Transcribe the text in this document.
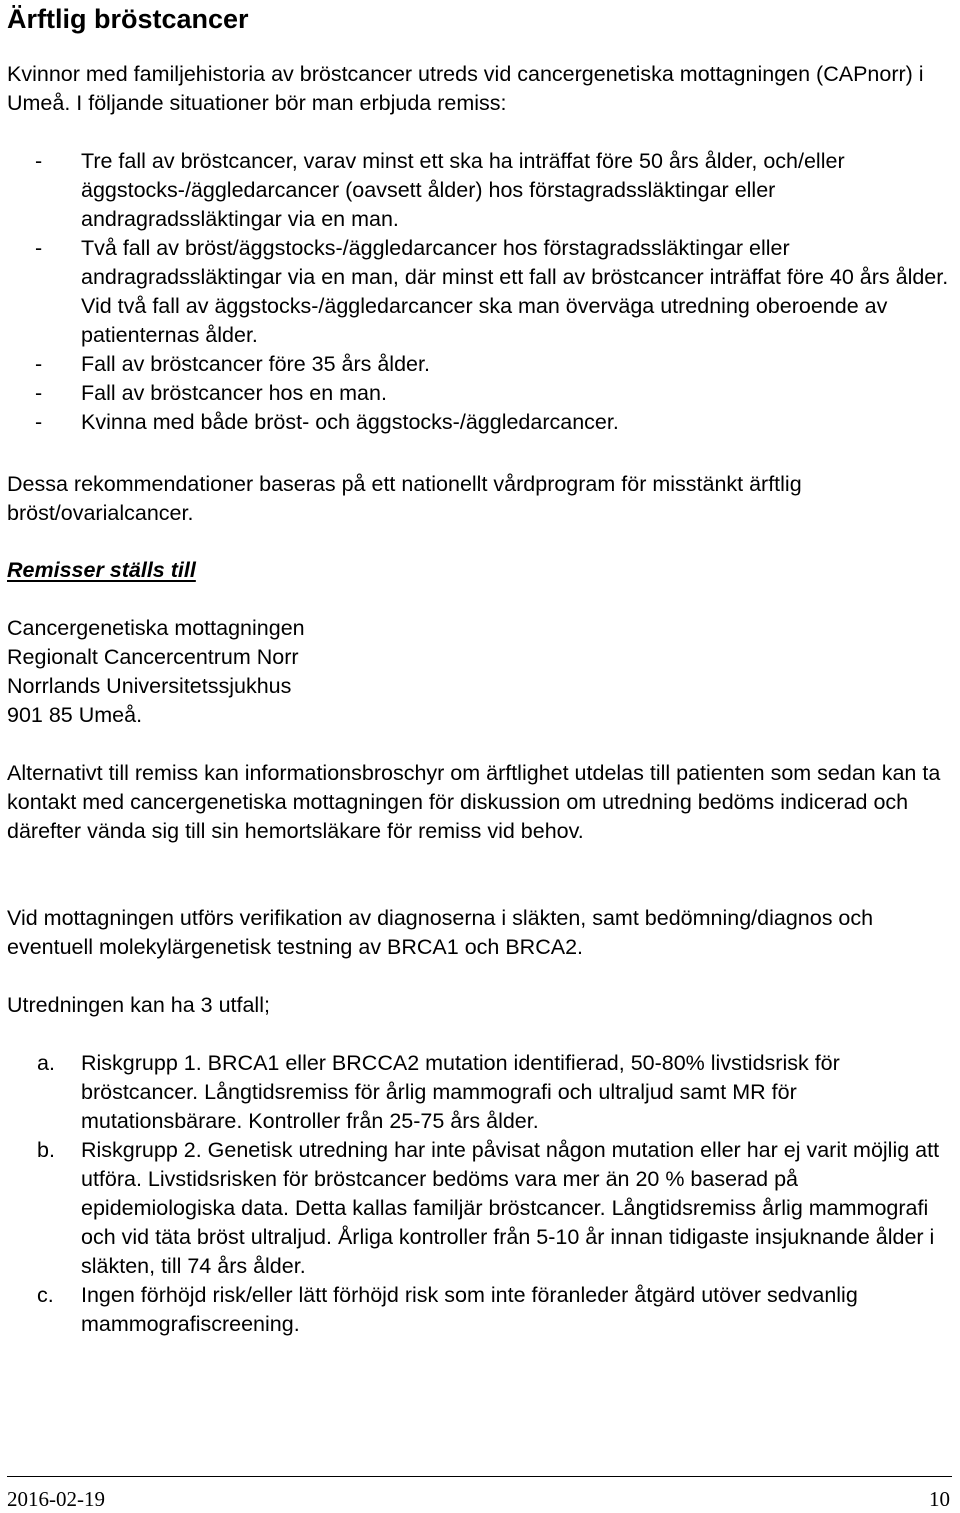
Ärftlig bröstcancer

Kvinnor med familjehistoria av bröstcancer utreds vid cancergenetiska mottagningen (CAPnorr) i Umeå. I följande situationer bör man erbjuda remiss:

- Tre fall av bröstcancer, varav minst ett ska ha inträffat före 50 års ålder, och/eller äggstocks-/äggledarcancer (oavsett ålder) hos förstagradssläktingar eller andragradssläktingar via en man.
- Två fall av bröst/äggstocks-/äggledarcancer hos förstagradssläktingar eller andragradssläktingar via en man, där minst ett fall av bröstcancer inträffat före 40 års ålder. Vid två fall av äggstocks-/äggledarcancer ska man överväga utredning oberoende av patienternas ålder.
- Fall av bröstcancer före 35 års ålder.
- Fall av bröstcancer hos en man.
- Kvinna med både bröst- och äggstocks-/äggledarcancer.

Dessa rekommendationer baseras på ett nationellt vårdprogram för misstänkt ärftlig bröst/ovarialcancer.

Remisser ställs till

Cancergenetiska mottagningen
Regionalt Cancercentrum Norr
Norrlands Universitetssjukhus
901 85 Umeå.

Alternativt till remiss kan informationsbroschyr om ärftlighet utdelas till patienten som sedan kan ta kontakt med cancergenetiska mottagningen för diskussion om utredning bedöms indicerad och därefter vända sig till sin hemortsläkare för remiss vid behov.

Vid mottagningen utförs verifikation av diagnoserna i släkten, samt bedömning/diagnos och eventuell molekylärgenetisk testning av BRCA1 och BRCA2.

Utredningen kan ha 3 utfall;

a. Riskgrupp 1. BRCA1 eller BRCCA2 mutation identifierad, 50-80% livstidsrisk för bröstcancer. Långtidsremiss för årlig mammografi och ultraljud samt MR för mutationsbärare. Kontroller från 25-75 års ålder.
b. Riskgrupp 2. Genetisk utredning har inte påvisat någon mutation eller har ej varit möjlig att utföra. Livstidsrisken för bröstcancer bedöms vara mer än 20 % baserad på epidemiologiska data. Detta kallas familjär bröstcancer. Långtidsremiss årlig mammografi och vid täta bröst ultraljud. Årliga kontroller från 5-10 år innan tidigaste insjuknande ålder i släkten, till 74 års ålder.
c. Ingen förhöjd risk/eller lätt förhöjd risk som inte föranleder åtgärd utöver sedvanlig mammografiscreening.
2016-02-19	10
